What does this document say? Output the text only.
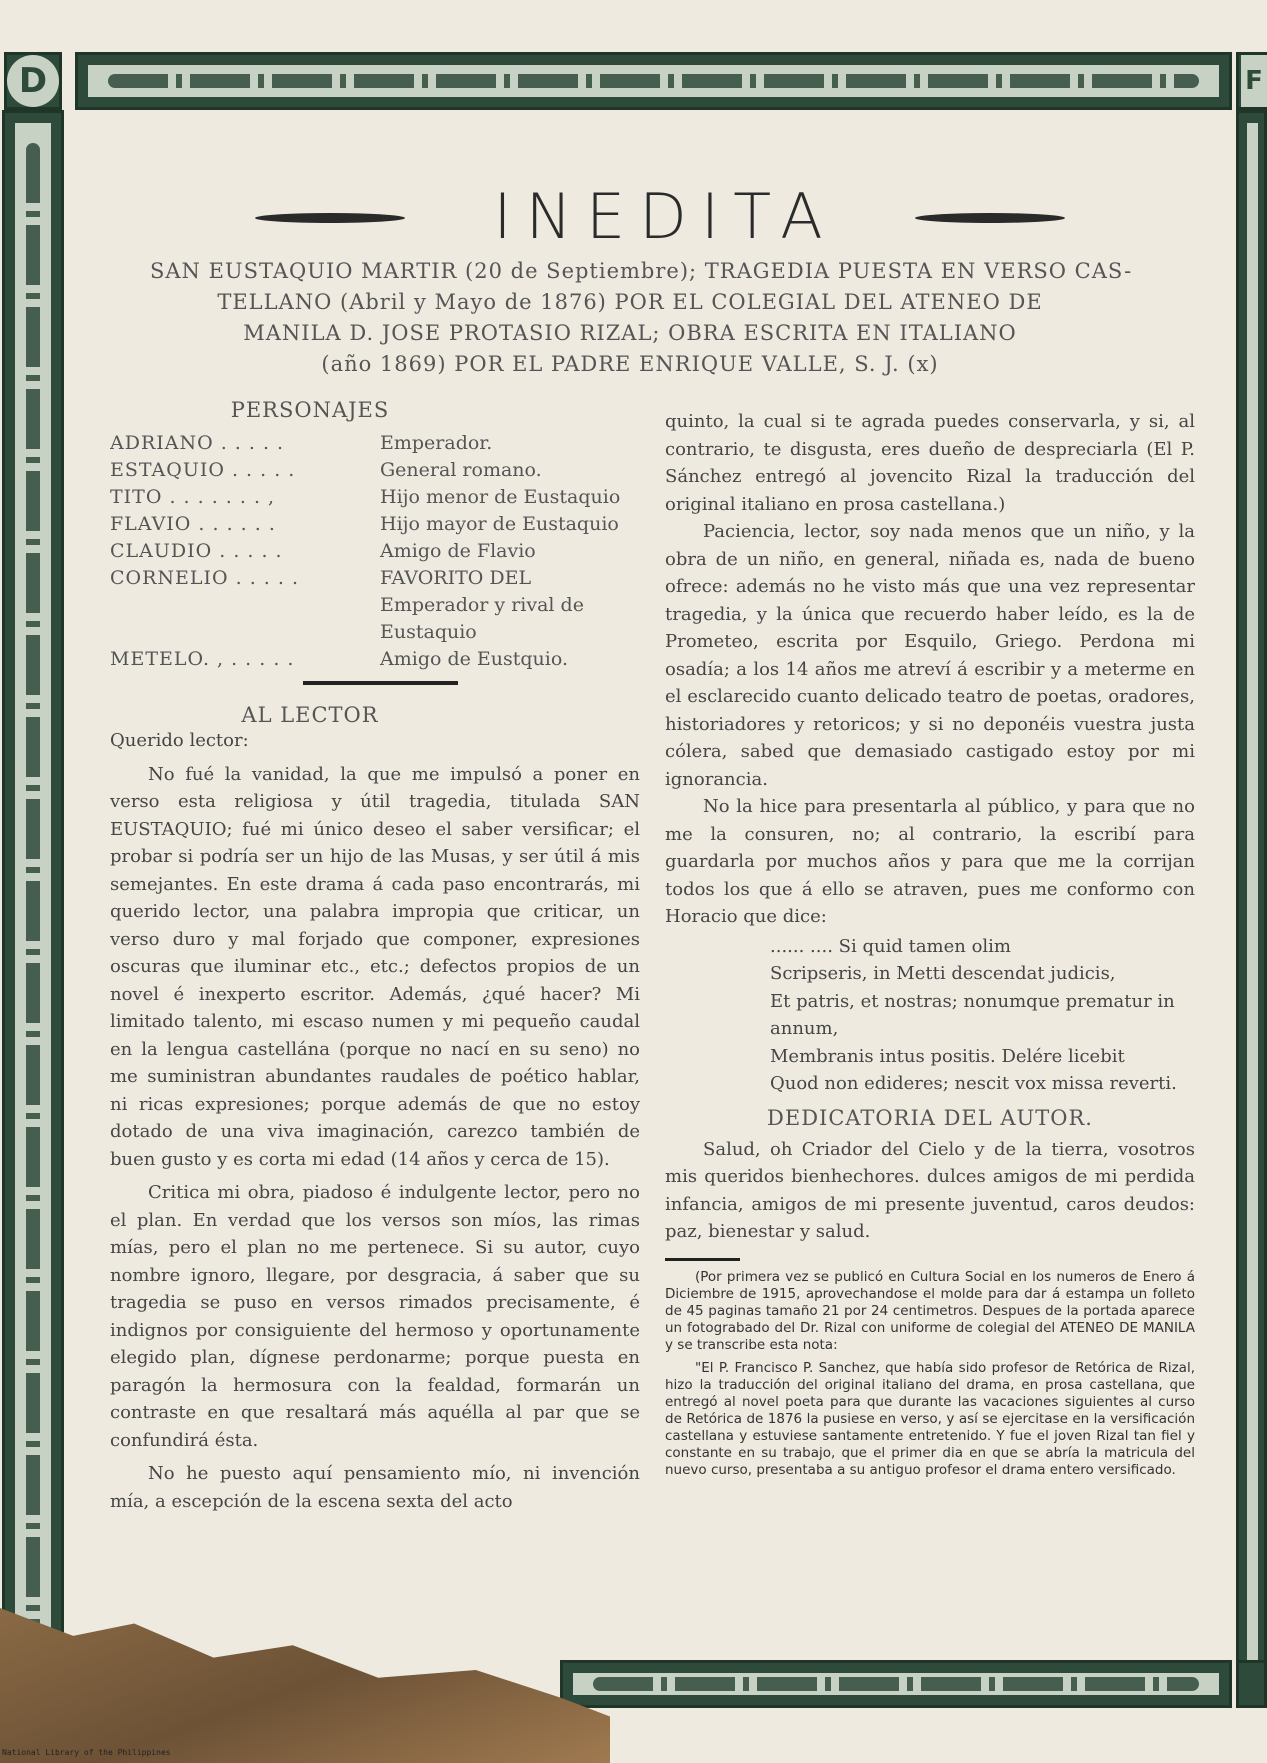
D	F
INEDITA
SAN EUSTAQUIO MARTIR (20 de Septiembre); TRAGEDIA PUESTA EN VERSO CAS-
TELLANO (Abril y Mayo de 1876) POR EL COLEGIAL DEL ATENEO DE
MANILA D. JOSE PROTASIO RIZAL; OBRA ESCRITA EN ITALIANO
(año 1869) POR EL PADRE ENRIQUE VALLE, S. J. (x)
PERSONAJES
ADRIANO . . . . .	Emperador.
ESTAQUIO . . . . .	General romano.
TITO . . . . . . . ,	Hijo menor de Eustaquio
FLAVIO . . . . . .	Hijo mayor de Eustaquio
CLAUDIO . . . . .	Amigo de Flavio
CORNELIO . . . . .	FAVORITO DEL Emperador y rival de Eustaquio
METELO. , . . . . .	Amigo de Eustquio.
AL LECTOR

Querido lector:

No fué la vanidad, la que me impulsó a poner en verso esta religiosa y útil tragedia, titulada SAN EUSTAQUIO; fué mi único deseo el saber versificar; el probar si podría ser un hijo de las Musas, y ser útil á mis semejantes. En este drama á cada paso encontrarás, mi querido lector, una palabra impropia que criticar, un verso duro y mal forjado que componer, expresiones oscuras que iluminar etc., etc.; defectos propios de un novel é inexperto escritor. Además, ¿qué hacer? Mi limitado talento, mi escaso numen y mi pequeño caudal en la lengua castellána (porque no nací en su seno) no me suministran abundantes raudales de poético hablar, ni ricas expresiones; porque además de que no estoy dotado de una viva imaginación, carezco también de buen gusto y es corta mi edad (14 años y cerca de 15).

Critica mi obra, piadoso é indulgente lector, pero no el plan. En verdad que los versos son míos, las rimas mías, pero el plan no me pertenece. Si su autor, cuyo nombre ignoro, llegare, por desgracia, á saber que su tragedia se puso en versos rimados precisamente, é indignos por consiguiente del hermoso y oportunamente elegido plan, dígnese perdonarme; porque puesta en paragón la hermosura con la fealdad, formarán un contraste en que resaltará más aquélla al par que se confundirá ésta.

No he puesto aquí pensamiento mío, ni invención mía, a escepción de la escena sexta del acto

quinto, la cual si te agrada puedes conservarla, y si, al contrario, te disgusta, eres dueño de despreciarla (El P. Sánchez entregó al jovencito Rizal la traducción del original italiano en prosa castellana.)

Paciencia, lector, soy nada menos que un niño, y la obra de un niño, en general, niñada es, nada de bueno ofrece: además no he visto más que una vez representar tragedia, y la única que recuerdo haber leído, es la de Prometeo, escrita por Esquilo, Griego. Perdona mi osadía; a los 14 años me atreví á escribir y a meterme en el esclarecido cuanto delicado teatro de poetas, oradores, historiadores y retoricos; y si no deponéis vuestra justa cólera, sabed que demasiado castigado estoy por mi ignorancia.

No la hice para presentarla al público, y para que no me la consuren, no; al contrario, la escribí para guardarla por muchos años y para que me la corrijan todos los que á ello se atraven, pues me conformo con Horacio que dice:

...... .... Si quid tamen olim
Scripseris, in Metti descendat judicis,
Et patris, et nostras; nonumque prematur in annum,
Membranis intus positis. Delére licebit
Quod non edideres; nescit vox missa reverti.
DEDICATORIA DEL AUTOR.

Salud, oh Criador del Cielo y de la tierra, vosotros mis queridos bienhechores. dulces amigos de mi perdida infancia, amigos de mi presente juventud, caros deudos: paz, bienestar y salud.

(Por primera vez se publicó en Cultura Social en los numeros de Enero á Diciembre de 1915, aprovechandose el molde para dar á estampa un folleto de 45 paginas tamaño 21 por 24 centimetros. Despues de la portada aparece un fotograbado del Dr. Rizal con uniforme de colegial del ATENEO DE MANILA y se transcribe esta nota:

"El P. Francisco P. Sanchez, que había sido profesor de Retórica de Rizal, hizo la traducción del original italiano del drama, en prosa castellana, que entregó al novel poeta para que durante las vacaciones siguientes al curso de Retórica de 1876 la pusiese en verso, y así se ejercitase en la versificación castellana y estuviese santamente entretenido. Y fue el joven Rizal tan fiel y constante en su trabajo, que el primer dia en que se abría la matricula del nuevo curso, presentaba a su antiguo profesor el drama entero versificado.

National Library of the Philippines
